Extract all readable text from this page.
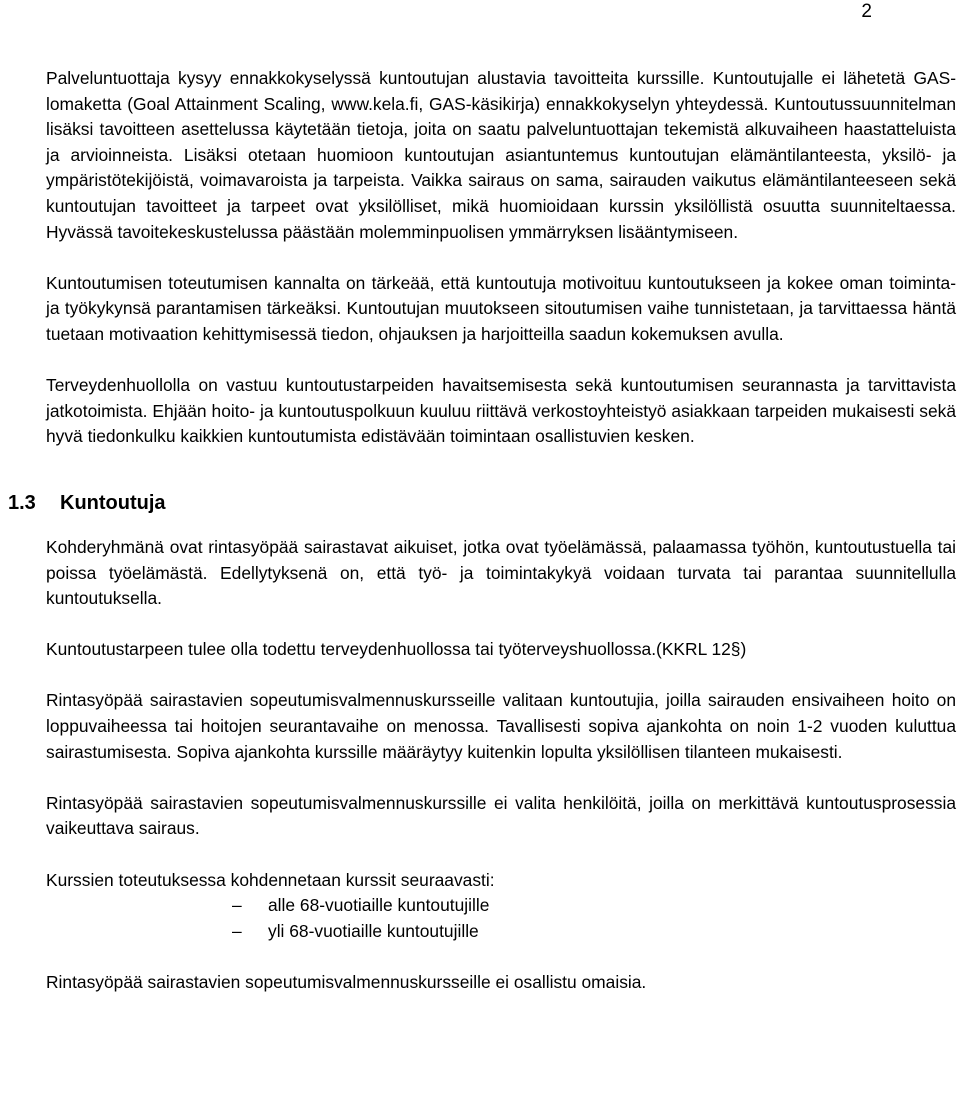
2

Palveluntuottaja kysyy ennakkokyselyssä kuntoutujan alustavia tavoitteita kurssille. Kuntoutujalle ei lähetetä GAS-lomaketta (Goal Attainment Scaling, www.kela.fi, GAS-käsikirja) ennakkokyselyn yhteydessä. Kuntoutussuunnitelman lisäksi tavoitteen asettelussa käytetään tietoja, joita on saatu palveluntuottajan tekemistä alkuvaiheen haastatteluista ja arvioinneista. Lisäksi otetaan huomioon kuntoutujan asiantuntemus kuntoutujan elämäntilanteesta, yksilö- ja ympäristötekijöistä, voimavaroista ja tarpeista. Vaikka sairaus on sama, sairauden vaikutus elämäntilanteeseen sekä kuntoutujan tavoitteet ja tarpeet ovat yksilölliset, mikä huomioidaan kurssin yksilöllistä osuutta suunniteltaessa. Hyvässä tavoitekeskustelussa päästään molemminpuolisen ymmärryksen lisääntymiseen.

Kuntoutumisen toteutumisen kannalta on tärkeää, että kuntoutuja motivoituu kuntoutukseen ja kokee oman toiminta- ja työkykynsä parantamisen tärkeäksi. Kuntoutujan muutokseen sitoutumisen vaihe tunnistetaan, ja tarvittaessa häntä tuetaan motivaation kehittymisessä tiedon, ohjauksen ja harjoitteilla saadun kokemuksen avulla.

Terveydenhuollolla on vastuu kuntoutustarpeiden havaitsemisesta sekä kuntoutumisen seurannasta ja tarvittavista jatkotoimista. Ehjään hoito- ja kuntoutuspolkuun kuuluu riittävä verkostoyhteistyö asiakkaan tarpeiden mukaisesti sekä hyvä tiedonkulku kaikkien kuntoutumista edistävään toimintaan osallistuvien kesken.

1.3 Kuntoutuja

Kohderyhmänä ovat rintasyöpää sairastavat aikuiset, jotka ovat työelämässä, palaamassa työhön, kuntoutustuella tai poissa työelämästä. Edellytyksenä on, että työ- ja toimintakykyä voidaan turvata tai parantaa suunnitellulla kuntoutuksella.

Kuntoutustarpeen tulee olla todettu terveydenhuollossa tai työterveyshuollossa.(KKRL 12§)

Rintasyöpää sairastavien sopeutumisvalmennuskursseille valitaan kuntoutujia, joilla sairauden ensivaiheen hoito on loppuvaiheessa tai hoitojen seurantavaihe on menossa. Tavallisesti sopiva ajankohta on noin 1-2 vuoden kuluttua sairastumisesta. Sopiva ajankohta kurssille määräytyy kuitenkin lopulta yksilöllisen tilanteen mukaisesti.

Rintasyöpää sairastavien sopeutumisvalmennuskurssille ei valita henkilöitä, joilla on merkittävä kuntoutusprosessia vaikeuttava sairaus.

Kurssien toteutuksessa kohdennetaan kurssit seuraavasti:

– alle 68-vuotiaille kuntoutujille
– yli 68-vuotiaille kuntoutujille

Rintasyöpää sairastavien sopeutumisvalmennuskursseille ei osallistu omaisia.
